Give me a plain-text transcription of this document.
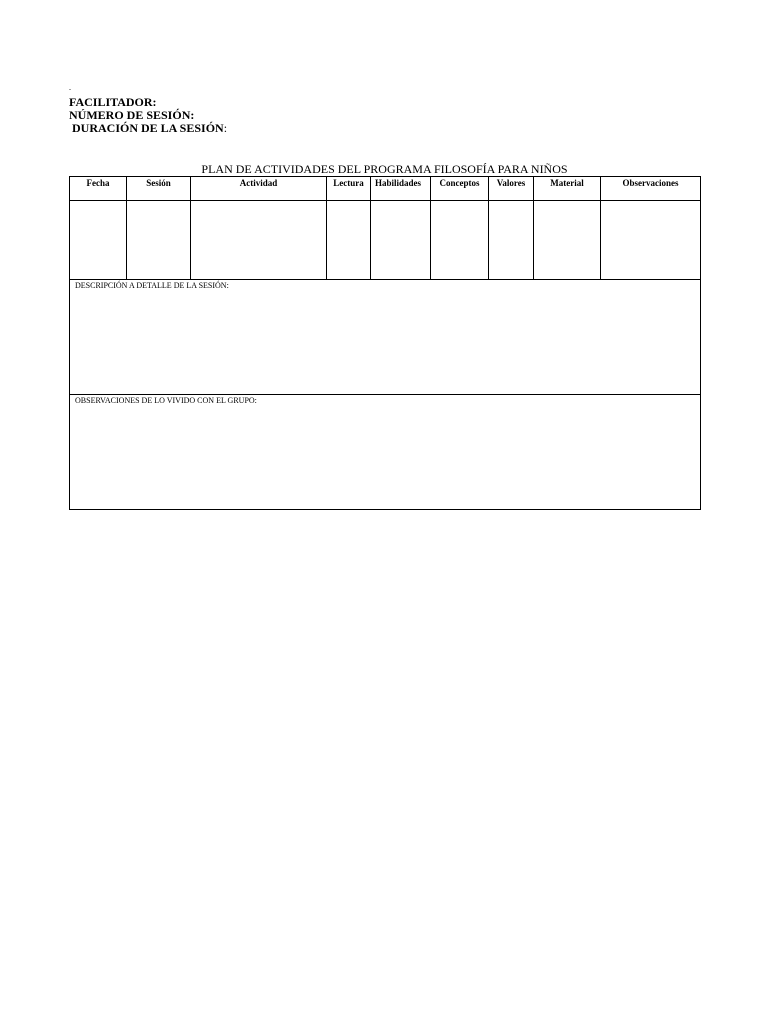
.
FACILITADOR:
NÚMERO DE SESIÓN:
DURACIÓN DE LA SESIÓN:
PLAN DE ACTIVIDADES DEL PROGRAMA FILOSOFÍA PARA NIÑOS
Fecha	Sesión	Actividad	Lectura	Habilidades	Conceptos	Valores	Material	Observaciones

DESCRIPCIÓN A DETALLE DE LA SESIÓN:								
OBSERVACIONES DE LO VIVIDO CON EL GRUPO:								
